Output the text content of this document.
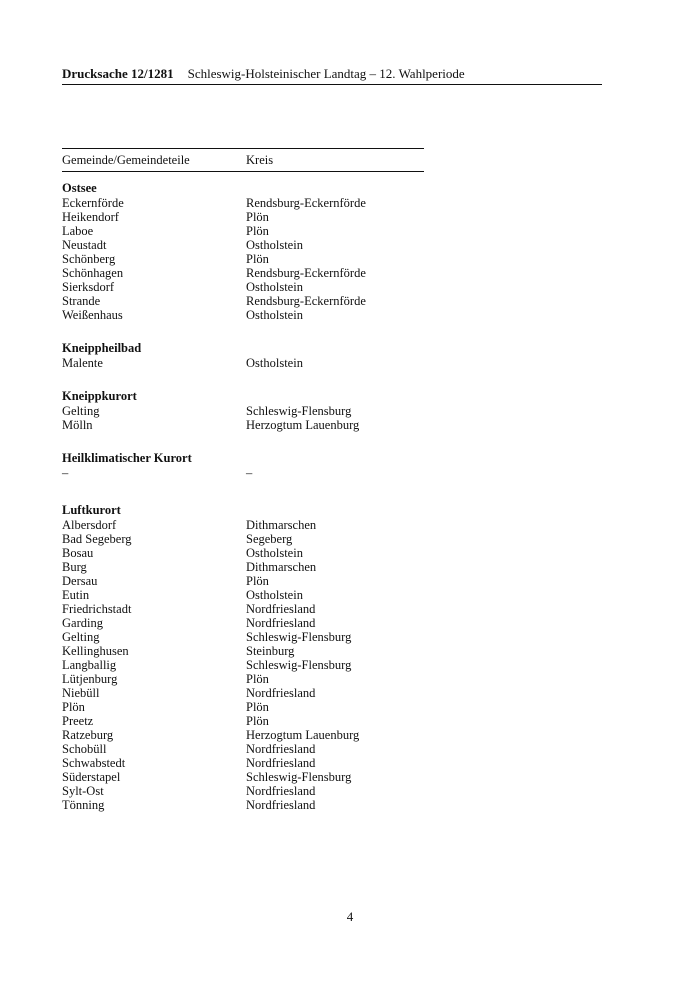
Drucksache 12/1281 Schleswig-Holsteinischer Landtag – 12. Wahlperiode
Gemeinde/Gemeindeteile	Kreis
Ostsee
Eckernförde	Rendsburg-Eckernförde
Heikendorf	Plön
Laboe	Plön
Neustadt	Ostholstein
Schönberg	Plön
Schönhagen	Rendsburg-Eckernförde
Sierksdorf	Ostholstein
Strande	Rendsburg-Eckernförde
Weißenhaus	Ostholstein
Kneippheilbad
Malente	Ostholstein
Kneippkurort
Gelting	Schleswig-Flensburg
Mölln	Herzogtum Lauenburg
Heilklimatischer Kurort
–	–
Luftkurort
Albersdorf	Dithmarschen
Bad Segeberg	Segeberg
Bosau	Ostholstein
Burg	Dithmarschen
Dersau	Plön
Eutin	Ostholstein
Friedrichstadt	Nordfriesland
Garding	Nordfriesland
Gelting	Schleswig-Flensburg
Kellinghusen	Steinburg
Langballig	Schleswig-Flensburg
Lütjenburg	Plön
Niebüll	Nordfriesland
Plön	Plön
Preetz	Plön
Ratzeburg	Herzogtum Lauenburg
Schobüll	Nordfriesland
Schwabstedt	Nordfriesland
Süderstapel	Schleswig-Flensburg
Sylt-Ost	Nordfriesland
Tönning	Nordfriesland
4
